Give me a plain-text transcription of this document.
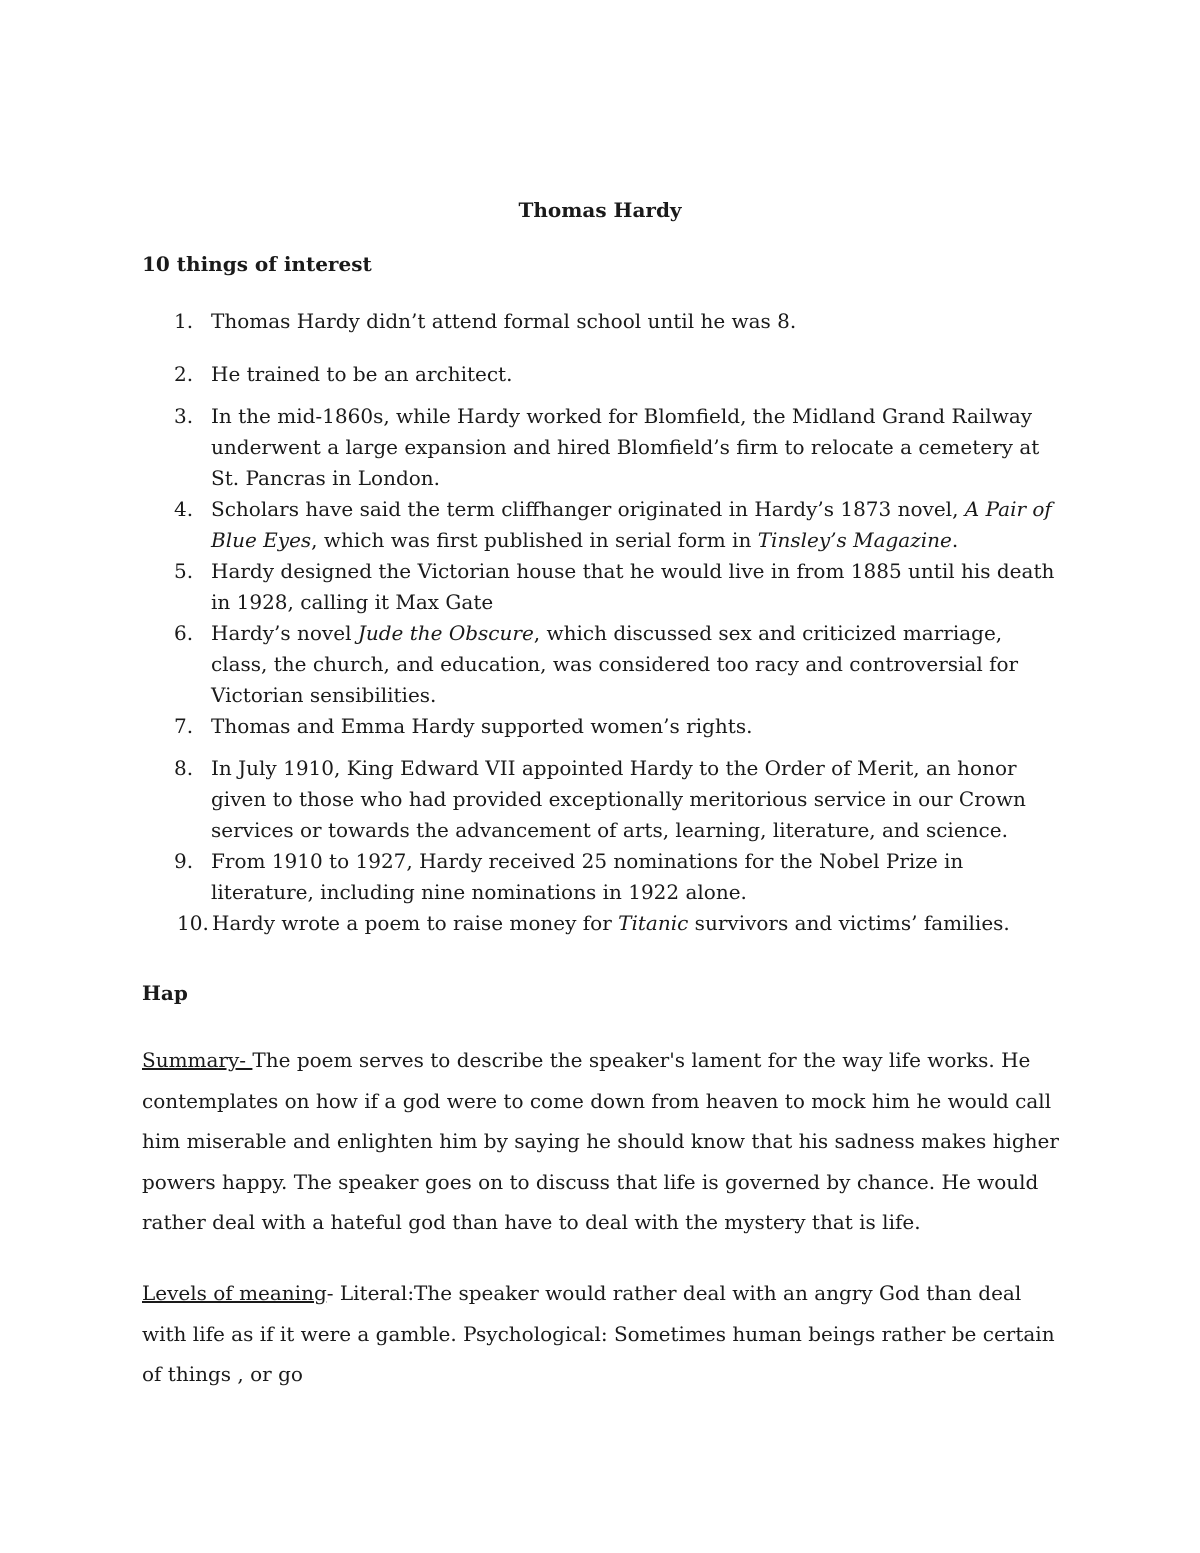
Thomas Hardy
10 things of interest
1. Thomas Hardy didn’t attend formal school until he was 8.
2. He trained to be an architect.
3. In the mid-1860s, while Hardy worked for Blomfield, the Midland Grand Railway underwent a large expansion and hired Blomfield’s firm to relocate a cemetery at St. Pancras in London.
4. Scholars have said the term cliffhanger originated in Hardy’s 1873 novel, A Pair of Blue Eyes, which was first published in serial form in Tinsley’s Magazine.
5. Hardy designed the Victorian house that he would live in from 1885 until his death in 1928, calling it Max Gate
6. Hardy’s novel Jude the Obscure, which discussed sex and criticized marriage, class, the church, and education, was considered too racy and controversial for Victorian sensibilities.
7. Thomas and Emma Hardy supported women’s rights.
8. In July 1910, King Edward VII appointed Hardy to the Order of Merit, an honor given to those who had provided exceptionally meritorious service in our Crown services or towards the advancement of arts, learning, literature, and science.
9. From 1910 to 1927, Hardy received 25 nominations for the Nobel Prize in literature, including nine nominations in 1922 alone.
10. Hardy wrote a poem to raise money for Titanic survivors and victims’ families.
Hap

Summary- The poem serves to describe the speaker's lament for the way life works. He contemplates on how if a god were to come down from heaven to mock him he would call him miserable and enlighten him by saying he should know that his sadness makes higher powers happy. The speaker goes on to discuss that life is governed by chance. He would rather deal with a hateful god than have to deal with the mystery that is life.

Levels of meaning- Literal:The speaker would rather deal with an angry God than deal with life as if it were a gamble. Psychological: Sometimes human beings rather be certain of things , or go
